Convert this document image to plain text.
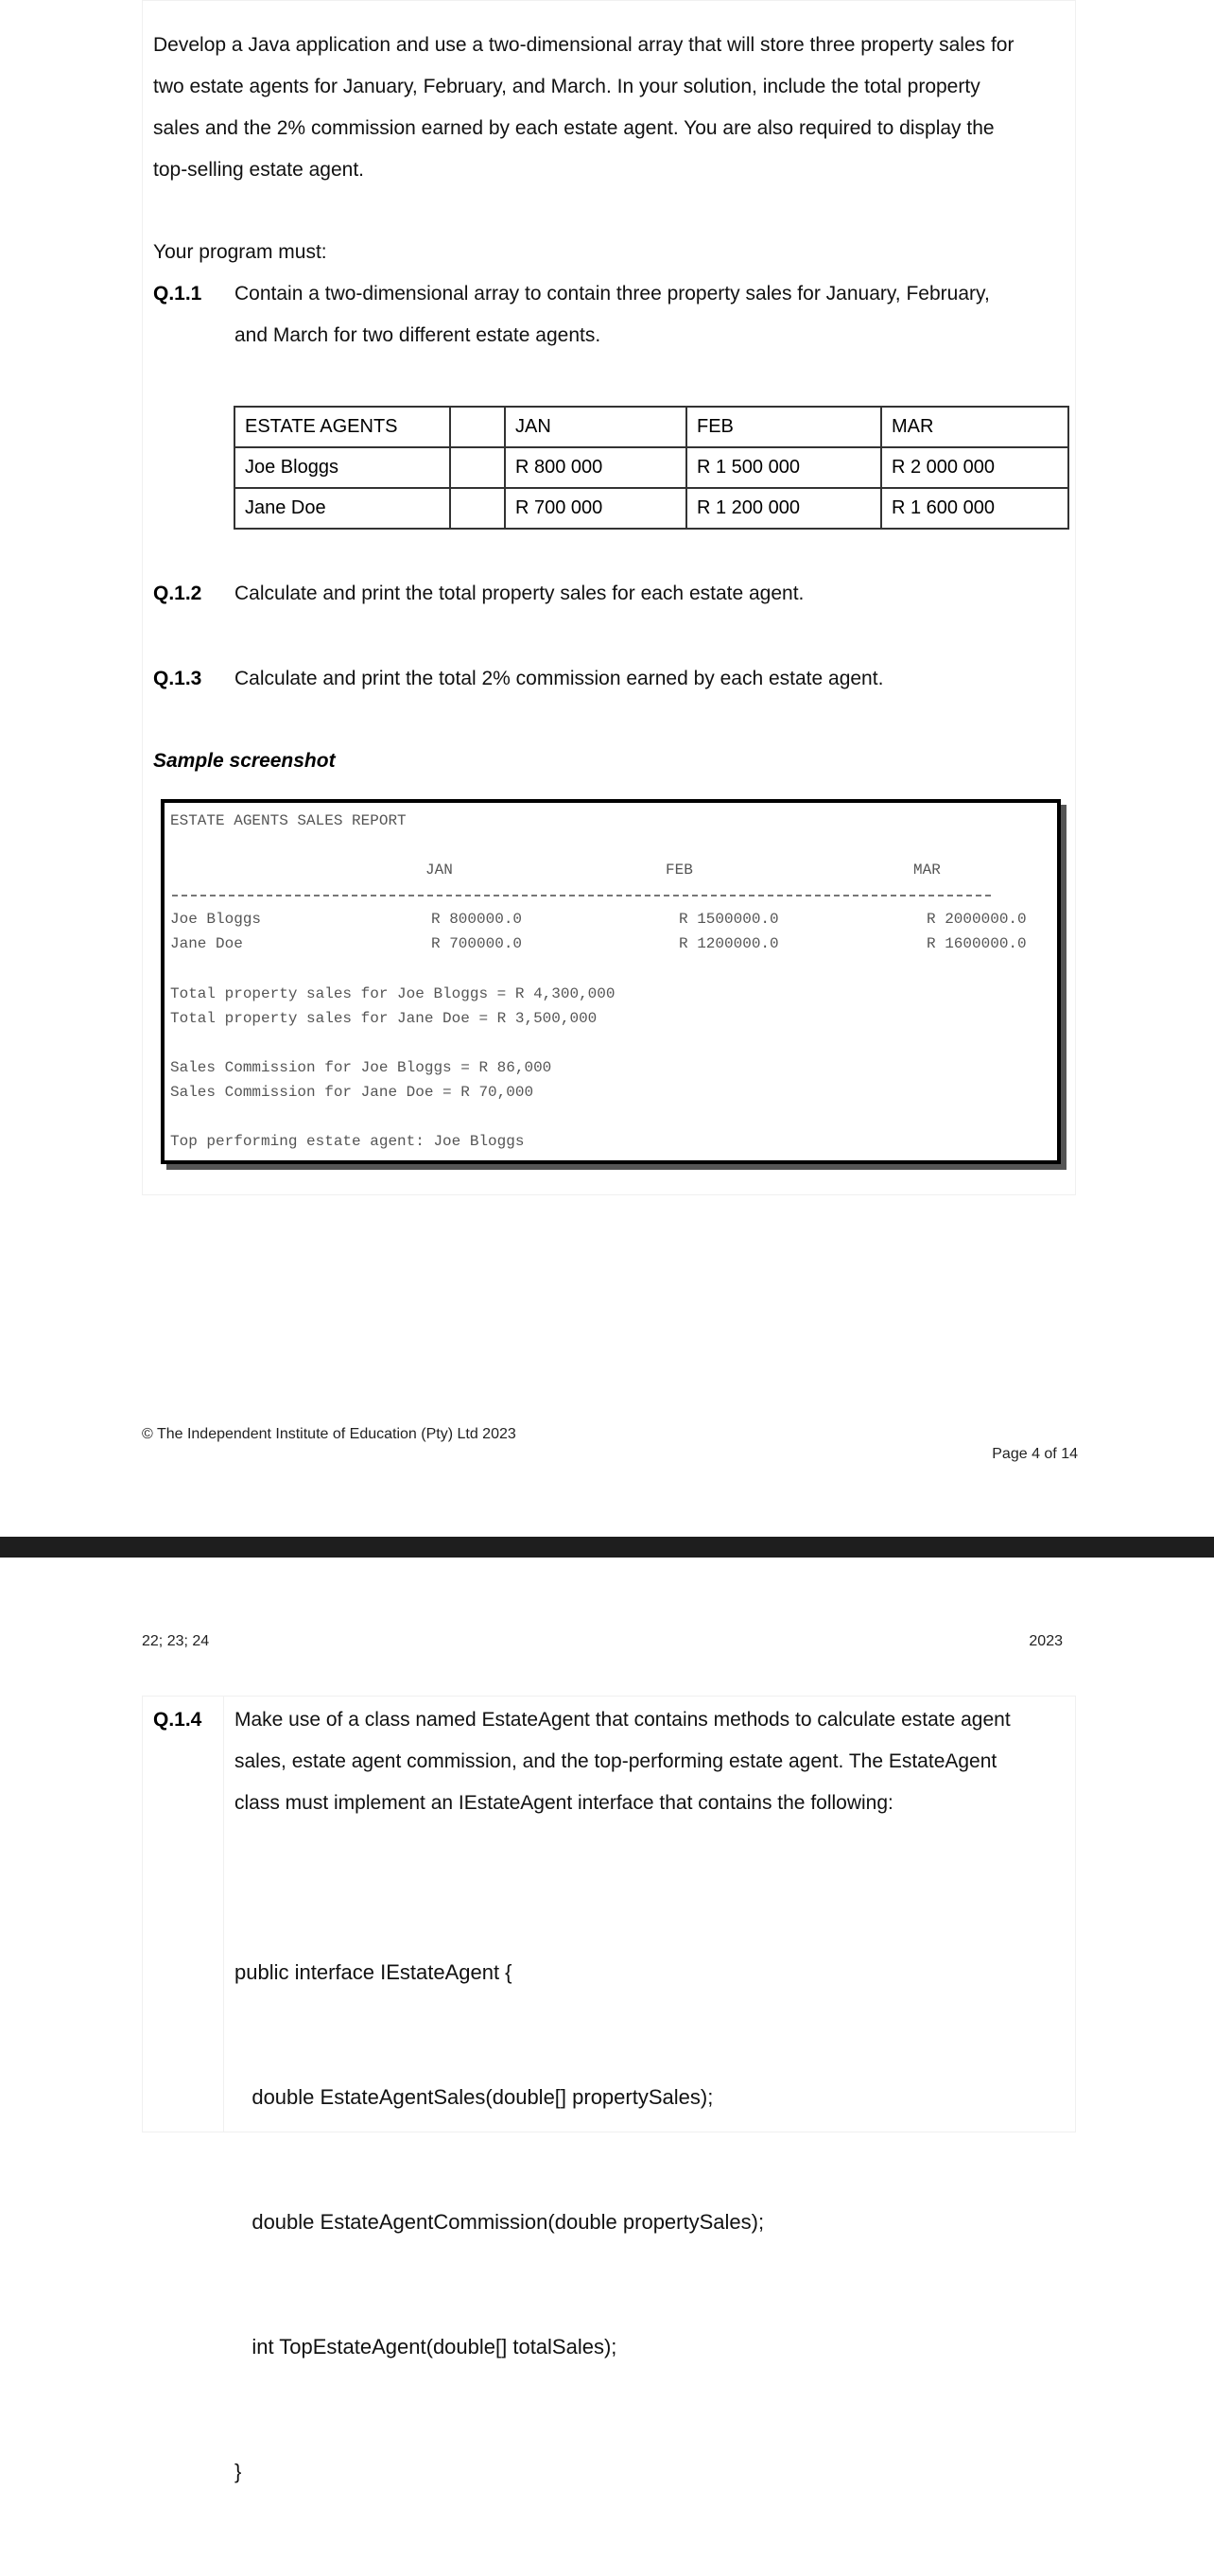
Develop a Java application and use a two-dimensional array that will store three property sales for
two estate agents for January, February, and March. In your solution, include the total property
sales and the 2% commission earned by each estate agent. You are also required to display the
top-selling estate agent.
Your program must:
Q.1.1 Contain a two-dimensional array to contain three property sales for January, February,
and March for two different estate agents.
ESTATE AGENTS		JAN	FEB	MAR
Joe Bloggs		R 800 000	R 1 500 000	R 2 000 000
Jane Doe		R 700 000	R 1 200 000	R 1 600 000
Q.1.2 Calculate and print the total property sales for each estate agent.
Q.1.3 Calculate and print the total 2% commission earned by each estate agent.
Sample screenshot
ESTATE AGENTS SALES REPORT
JAN	FEB	MAR
Joe Bloggs	R 800000.0	R 1500000.0	R 2000000.0
Jane Doe	R 700000.0	R 1200000.0	R 1600000.0
Total property sales for Joe Bloggs = R 4,300,000
Total property sales for Jane Doe = R 3,500,000
Sales Commission for Joe Bloggs = R 86,000
Sales Commission for Jane Doe = R 70,000
Top performing estate agent: Joe Bloggs
© The Independent Institute of Education (Pty) Ltd 2023
Page 4 of 14
22; 23; 24	2023
Q.1.4 Make use of a class named EstateAgent that contains methods to calculate estate agent
sales, estate agent commission, and the top-performing estate agent. The EstateAgent
class must implement an IEstateAgent interface that contains the following:

public interface IEstateAgent {

double EstateAgentSales(double[] propertySales);

double EstateAgentCommission(double propertySales);

int TopEstateAgent(double[] totalSales);

}
